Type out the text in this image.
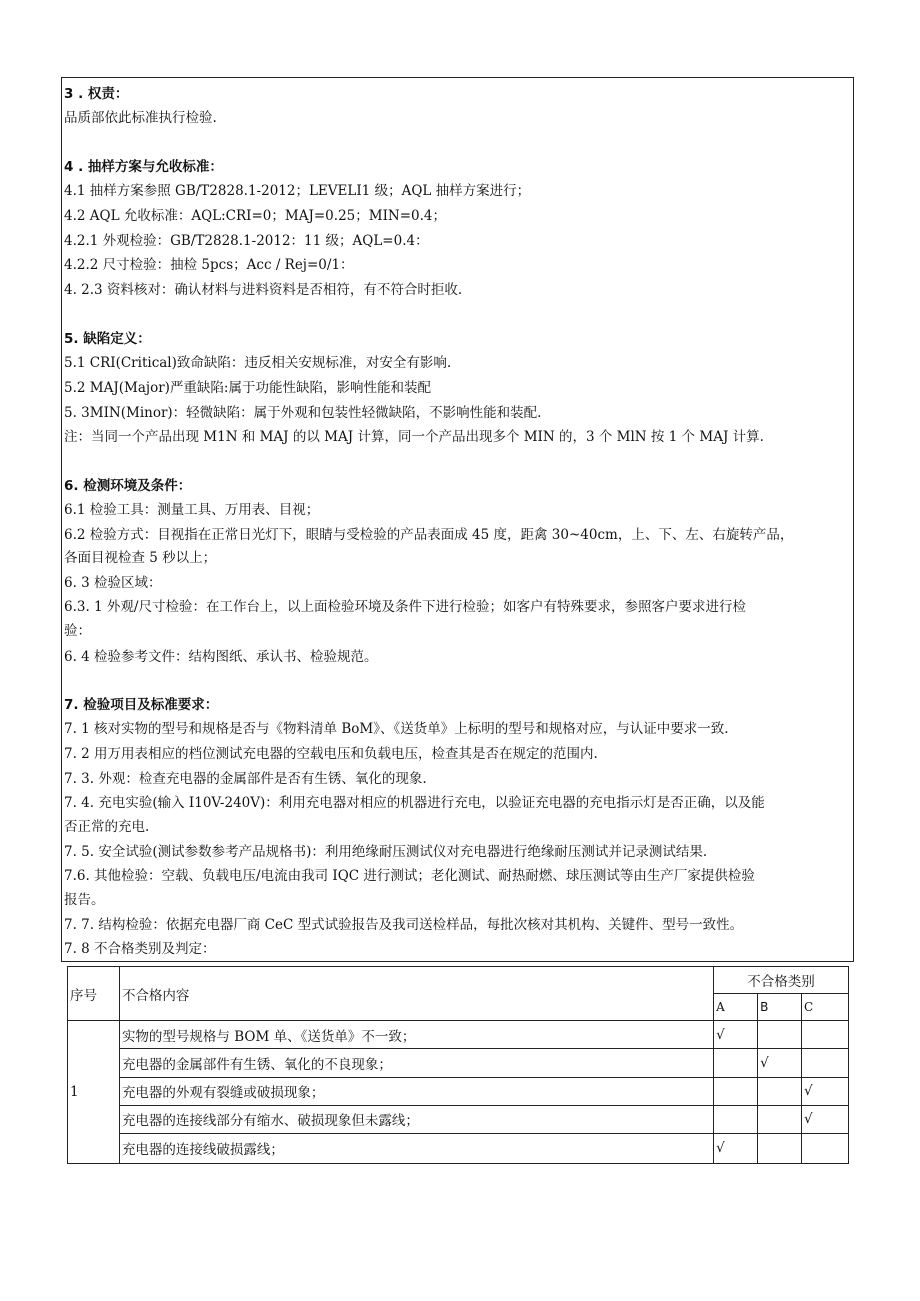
3 . 权责：
品质部依此标准执行检验.
4 . 抽样方案与允收标准：
4.1 抽样方案参照 GB/T2828.1-2012；LEVELI1 级；AQL 抽样方案进行；
4.2 AQL 允收标准：AQL:CRI=0；MAJ=0.25；MIN=0.4；
4.2.1 外观检验：GB/T2828.1-2012：11 级；AQL=0.4：
4.2.2 尺寸检验：抽检 5pcs；Acc / Rej=0/1：
4. 2.3 资料核对：确认材料与进料资料是否相符，有不符合时拒收.
5. 缺陷定义：
5.1 CRI(Critical)致命缺陷：违反相关安规标准，对安全有影响.
5.2 MAJ(Major)严重缺陷:属于功能性缺陷，影响性能和装配
5. 3MIN(Minor)：轻微缺陷：属于外观和包装性轻微缺陷，不影响性能和装配.
注：当同一个产品出现 M1N 和 MAJ 的以 MAJ 计算，同一个产品出现多个 MIN 的，3 个 MlN 按 1 个 MAJ 计算.
6. 检测环境及条件：
6.1 检验工具：测量工具、万用表、目视；
6.2 检验方式：目视指在正常日光灯下，眼睛与受检验的产品表面成 45 度，距禽 30~40cm，上、下、左、右旋转产品，
各面目视检查 5 秒以上；
6. 3 检验区域：
6.3. 1 外观/尺寸检验：在工作台上，以上面检验环境及条件下进行检验；如客户有特殊要求，参照客户要求进行检
验：
6. 4 检验参考文件：结构图纸、承认书、检验规范。
7. 检验项目及标准要求：
7. 1 核对实物的型号和规格是否与《物料清单 BoM》、《送货单》上标明的型号和规格对应，与认证中要求一致.
7. 2 用万用表相应的档位测试充电器的空载电压和负载电压，检查其是否在规定的范围内.
7. 3. 外观：检查充电器的金属部件是否有生锈、氧化的现象.
7. 4. 充电实验(输入 I10V-240V)：利用充电器对相应的机器进行充电，以验证充电器的充电指示灯是否正确，以及能
否正常的充电.
7. 5. 安全试验(测试参数参考产品规格书)：利用绝缘耐压测试仪对充电器进行绝缘耐压测试并记录测试结果.
7.6. 其他检验：空载、负载电压/电流由我司 IQC 进行测试；老化测试、耐热耐燃、球压测试等由生产厂家提供检验
报告。
7. 7. 结构检验：依据充电器厂商 CeC 型式试验报告及我司送检样品，每批次核对其机构、关键件、型号一致性。
7. 8 不合格类别及判定：
序号	不合格内容	不合格类别		
		A	B	C
1	实物的型号规格与 BOM 单、《送货单》不一致；	√		
	充电器的金属部件有生锈、氧化的不良现象；		√	
	充电器的外观有裂缝或破损现象；			√
	充电器的连接线部分有缩水、破损现象但未露线；			√
	充电器的连接线破损露线；	√		
